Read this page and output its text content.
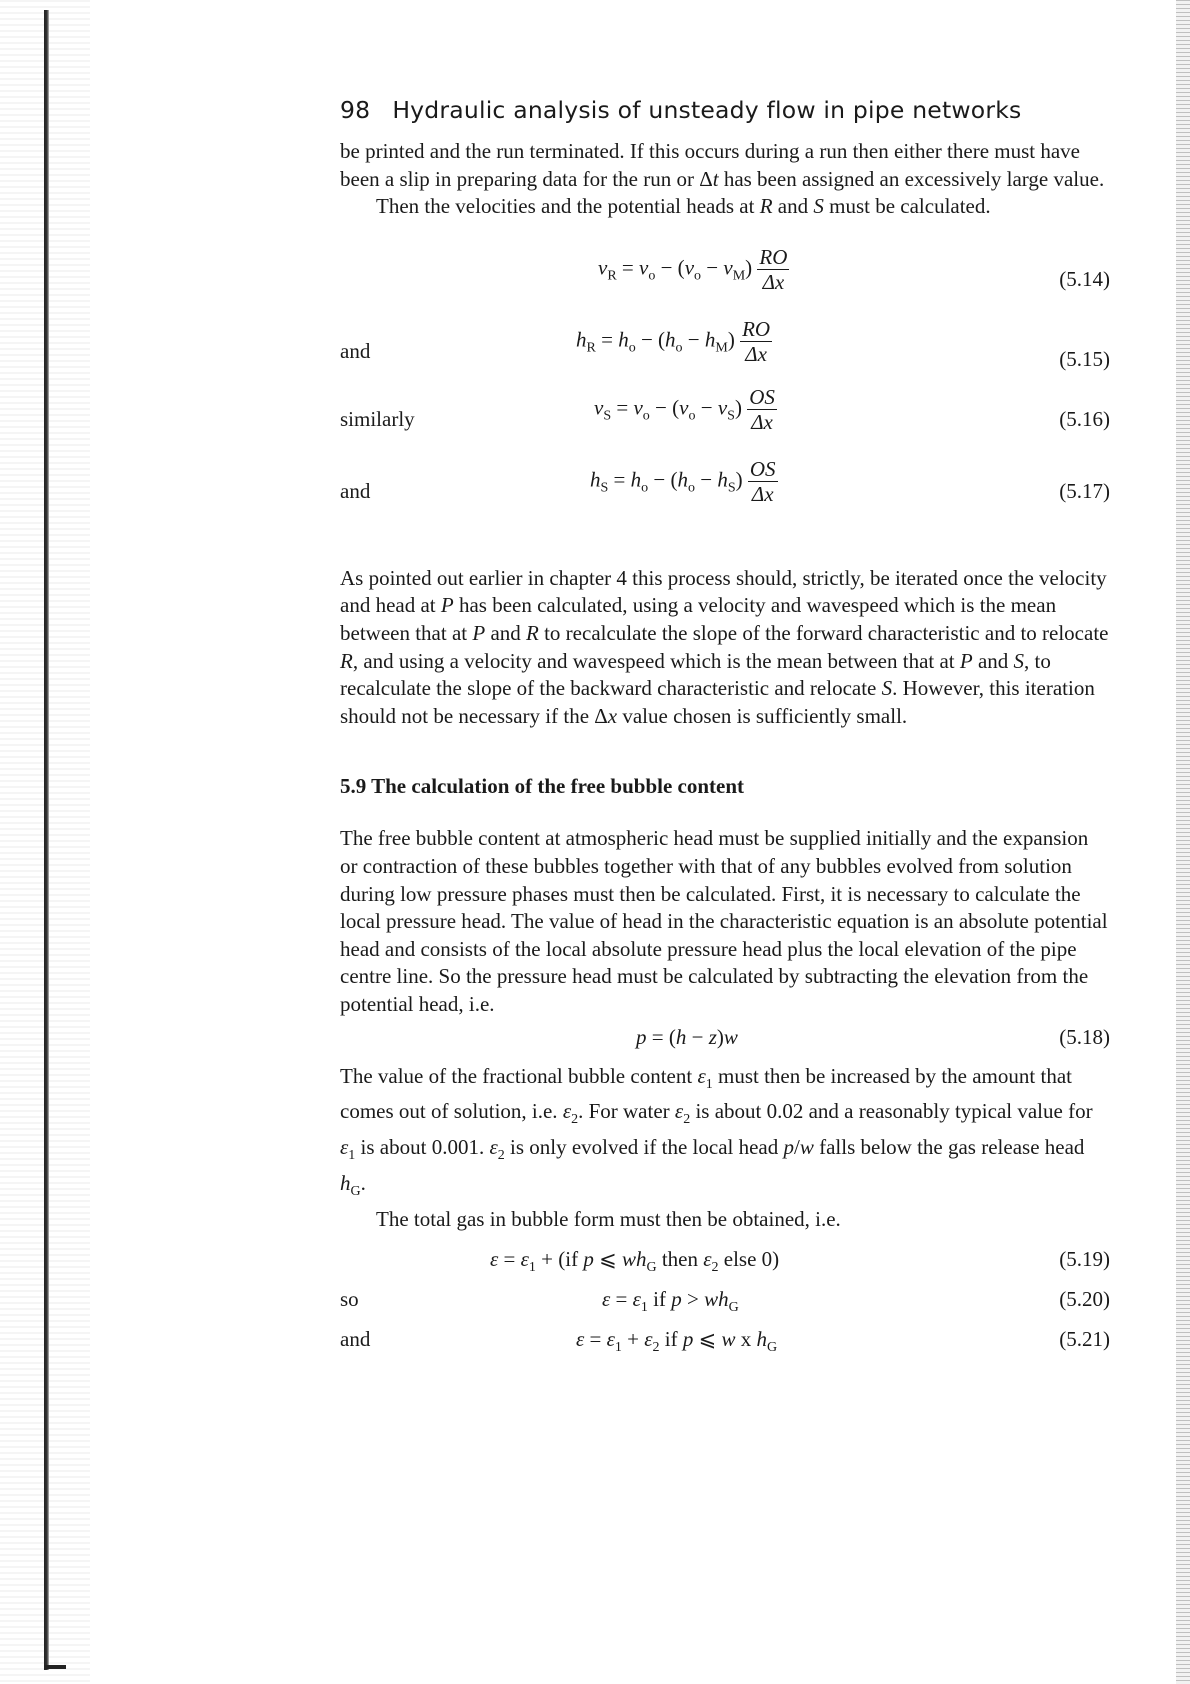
98 Hydraulic analysis of unsteady flow in pipe networks

be printed and the run terminated. If this occurs during a run then either there must have been a slip in preparing data for the run or Δt has been assigned an excessively large value.

Then the velocities and the potential heads at R and S must be calculated.

$v_R = v_o - (v_o - v_M) \frac{RO}{\Delta x}$	(5.14)
and	$h_R = h_o - (h_o - h_M) \frac{RO}{\Delta x}$	(5.15)
similarly	$v_S = v_o - (v_o - v_S) \frac{OS}{\Delta x}$	(5.16)
and	$h_S = h_o - (h_o - h_S) \frac{OS}{\Delta x}$	(5.17)

As pointed out earlier in chapter 4 this process should, strictly, be iterated once the velocity and head at P has been calculated, using a velocity and wavespeed which is the mean between that at P and R to recalculate the slope of the forward characteristic and to relocate R, and using a velocity and wavespeed which is the mean between that at P and S, to recalculate the slope of the backward characteristic and relocate S. However, this iteration should not be necessary if the Δx value chosen is sufficiently small.

5.9 The calculation of the free bubble content

The free bubble content at atmospheric head must be supplied initially and the expansion or contraction of these bubbles together with that of any bubbles evolved from solution during low pressure phases must then be calculated. First, it is necessary to calculate the local pressure head. The value of head in the characteristic equation is an absolute potential head and consists of the local absolute pressure head plus the local elevation of the pipe centre line. So the pressure head must be calculated by subtracting the elevation from the potential head, i.e.

p = (h − z)w	(5.18)

The value of the fractional bubble content $\varepsilon_1$ must then be increased by the amount that comes out of solution, i.e. $\varepsilon_2$. For water $\varepsilon_2$ is about 0.02 and a reasonably typical value for $\varepsilon_1$ is about 0.001. $\varepsilon_2$ is only evolved if the local head p/w falls below the gas release head $h_G$.

The total gas in bubble form must then be obtained, i.e.

$\varepsilon = \varepsilon_1 + (if$ p ⩽ $wh_G$ then $\varepsilon_2$ else 0)	(5.19)
so	$\varepsilon = \varepsilon_1$ if $p > wh_G$	(5.20)
and	$\varepsilon = \varepsilon_1 + \varepsilon_2$ if p ⩽ w x $h_G$	(5.21)
